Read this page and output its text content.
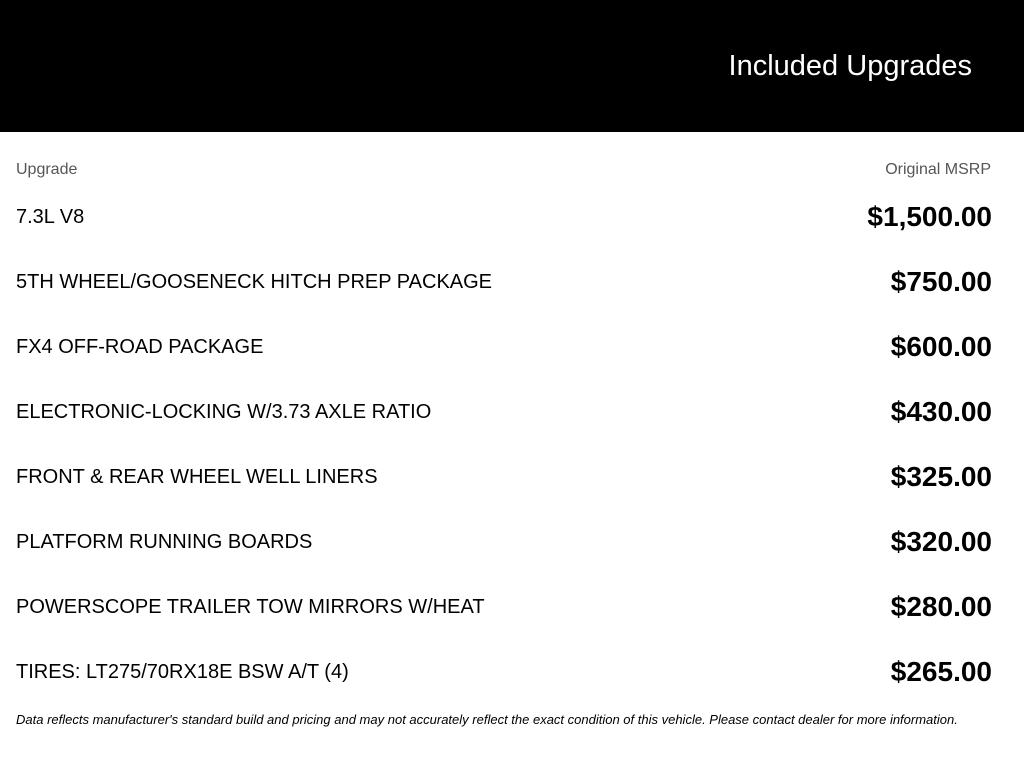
Included Upgrades
Upgrade	Original MSRP
7.3L V8	$1,500.00
5TH WHEEL/GOOSENECK HITCH PREP PACKAGE	$750.00
FX4 OFF-ROAD PACKAGE	$600.00
ELECTRONIC-LOCKING W/3.73 AXLE RATIO	$430.00
FRONT & REAR WHEEL WELL LINERS	$325.00
PLATFORM RUNNING BOARDS	$320.00
POWERSCOPE TRAILER TOW MIRRORS W/HEAT	$280.00
TIRES: LT275/70RX18E BSW A/T (4)	$265.00
Data reflects manufacturer's standard build and pricing and may not accurately reflect the exact condition of this vehicle. Please contact dealer for more information.
